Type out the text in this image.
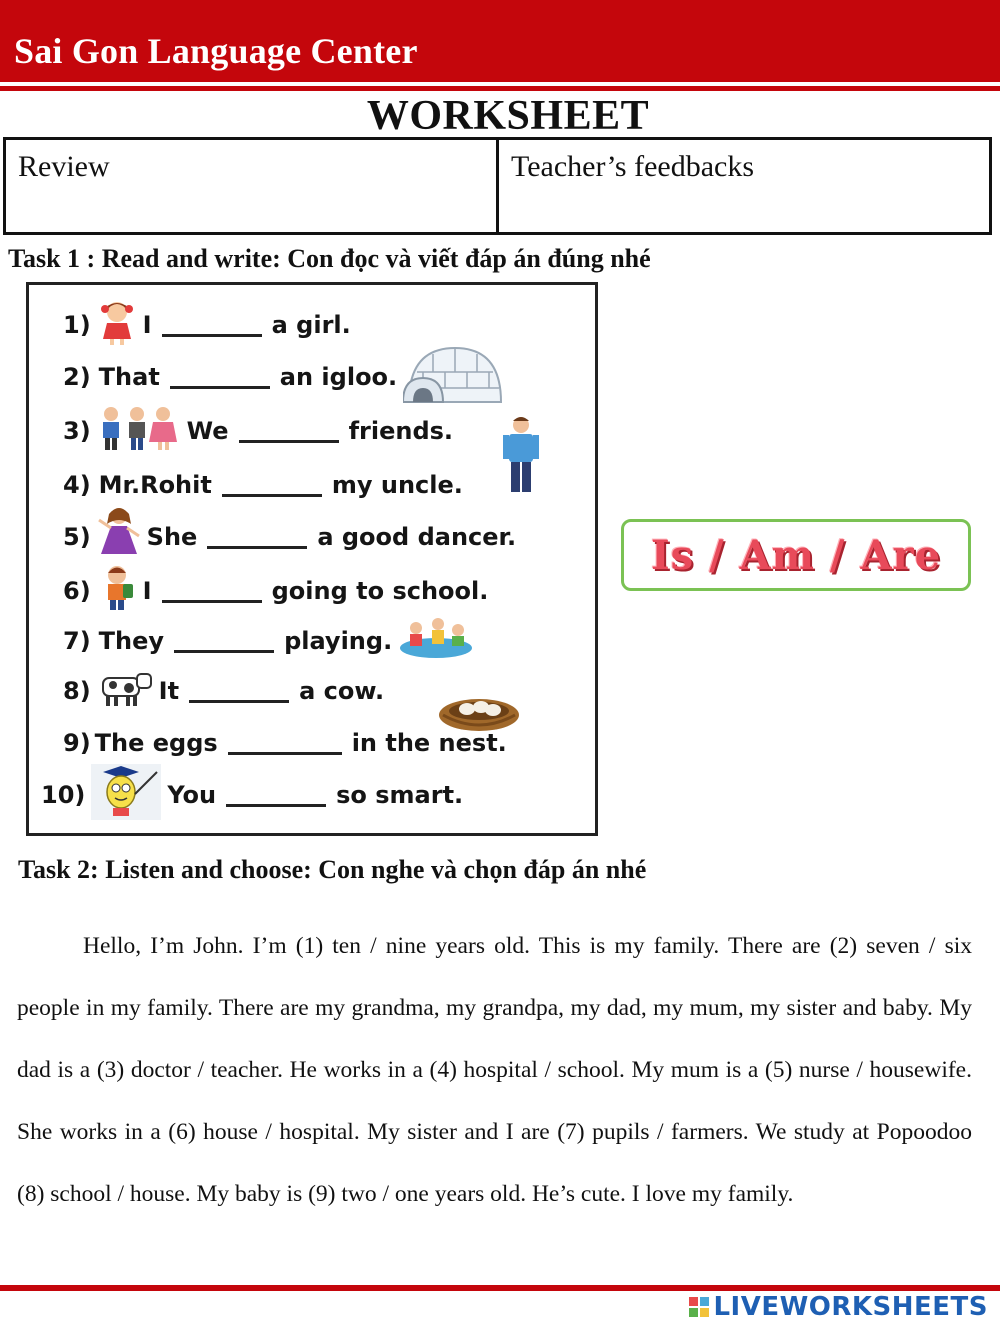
Sai Gon Language Center
WORKSHEET
Review	Teacher’s feedbacks
Task 1 : Read and write: Con đọc và viết đáp án đúng nhé
1) I	a girl.
2) That	an igloo.
3)	We	friends.
4) Mr.Rohit	my uncle.
5) She	a good dancer.
6) I	going to school.
7) They	playing.
8)	It	a cow.
9) The eggs	in the nest.
10)	You	so smart.
Is / Am / Are
Task 2: Listen and choose: Con nghe và chọn đáp án nhé

Hello, I’m John. I’m (1) ten / nine years old. This is my family. There are (2) seven / six people in my family. There are my grandma, my grandpa, my dad, my mum, my sister and baby. My dad is a (3) doctor / teacher. He works in a (4) hospital / school. My mum is a (5) nurse / housewife. She works in a (6) house / hospital. My sister and I are (7) pupils / farmers. We study at Popoodoo (8) school / house. My baby is (9) two / one years old. He’s cute. I love my family.

LIVEWORKSHEETS
